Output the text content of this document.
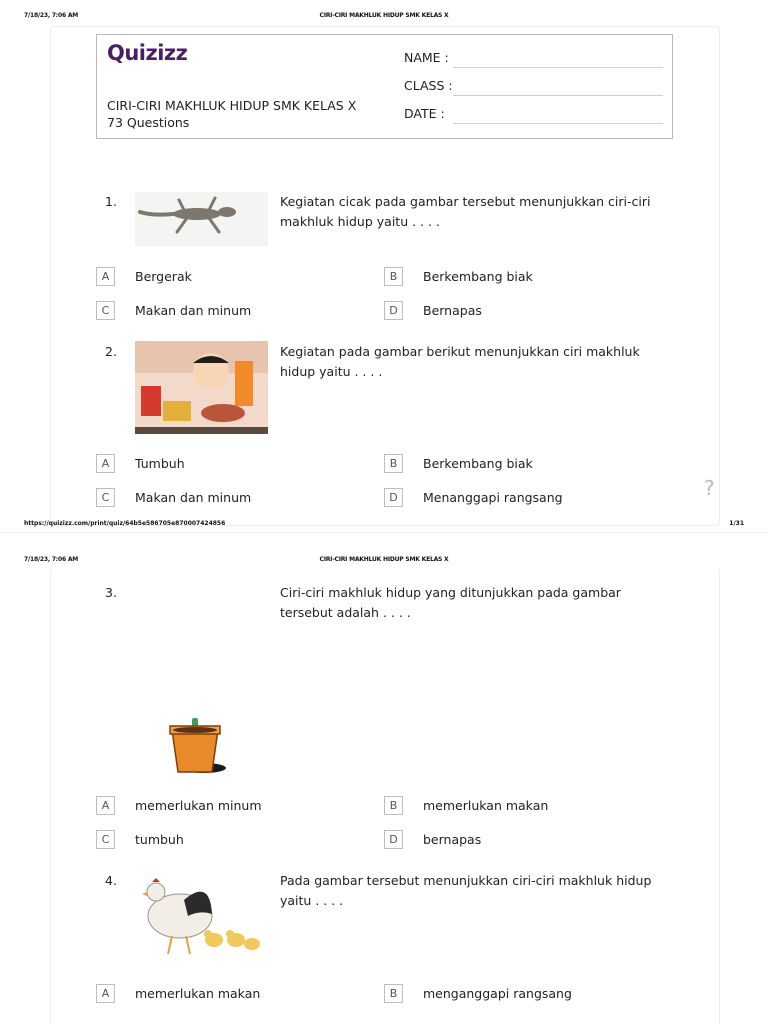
7/18/23, 7:06 AM	CIRI-CIRI MAKHLUK HIDUP SMK KELAS X
Quizizz
CIRI-CIRI MAKHLUK HIDUP SMK KELAS X
73 Questions
NAME :
CLASS :
DATE :
1.	Kegiatan cicak pada gambar tersebut menunjukkan ciri-ciri makhluk hidup yaitu . . . .
A	Bergerak	B	Berkembang biak
C	Makan dan minum	D	Bernapas
2.	Kegiatan pada gambar berikut menunjukkan ciri makhluk hidup yaitu . . . .
A	Tumbuh	B	Berkembang biak
C	Makan dan minum	D	Menanggapi rangsang	?
https://quizizz.com/print/quiz/64b5e586705e870007424856	1/31
7/18/23, 7:06 AM	CIRI-CIRI MAKHLUK HIDUP SMK KELAS X
3.	Ciri-ciri makhluk hidup yang ditunjukkan pada gambar tersebut adalah . . . .
A	memerlukan minum	B	memerlukan makan
C	tumbuh	D	bernapas
4.	Pada gambar tersebut menunjukkan ciri-ciri makhluk hidup yaitu . . . .
A	memerlukan makan	B	menganggapi rangsang
